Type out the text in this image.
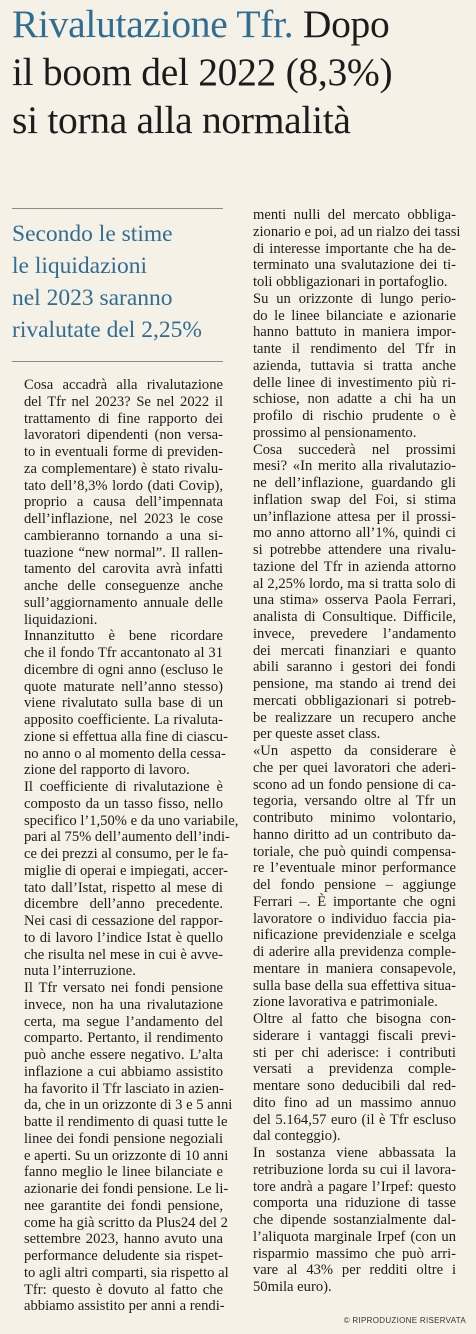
Rivalutazione Tfr. Dopo
il boom del 2022 (8,3%)
si torna alla normalità
Secondo le stime
le liquidazioni
nel 2023 saranno
rivalutate del 2,25%

Cosa accadrà alla rivalutazione
del Tfr nel 2023? Se nel 2022 il
trattamento di fine rapporto dei
lavoratori dipendenti (non versa-
to in eventuali forme di previden-
za complementare) è stato rivalu-
tato dell’8,3% lordo (dati Covip),
proprio a causa dell’impennata
dell’inflazione, nel 2023 le cose
cambieranno tornando a una si-
tuazione “new normal”. Il rallen-
tamento del carovita avrà infatti
anche delle conseguenze anche
sull’aggiornamento annuale delle
liquidazioni.

Innanzitutto è bene ricordare
che il fondo Tfr accantonato al 31
dicembre di ogni anno (escluso le
quote maturate nell’anno stesso)
viene rivalutato sulla base di un
apposito coefficiente. La rivaluta-
zione si effettua alla fine di ciascu-
no anno o al momento della cessa-
zione del rapporto di lavoro.

Il coefficiente di rivalutazione è
composto da un tasso fisso, nello
specifico l’1,50% e da uno variabile,
pari al 75% dell’aumento dell’indi-
ce dei prezzi al consumo, per le fa-
miglie di operai e impiegati, accer-
tato dall’Istat, rispetto al mese di
dicembre dell’anno precedente.
Nei casi di cessazione del rappor-
to di lavoro l’indice Istat è quello
che risulta nel mese in cui è avve-
nuta l’interruzione.

Il Tfr versato nei fondi pensione
invece, non ha una rivalutazione
certa, ma segue l’andamento del
comparto. Pertanto, il rendimento
può anche essere negativo. L’alta
inflazione a cui abbiamo assistito
ha favorito il Tfr lasciato in azien-
da, che in un orizzonte di 3 e 5 anni
batte il rendimento di quasi tutte le
linee dei fondi pensione negoziali
e aperti. Su un orizzonte di 10 anni
fanno meglio le linee bilanciate e
azionarie dei fondi pensione. Le li-
nee garantite dei fondi pensione,
come ha già scritto da Plus24 del 2
settembre 2023, hanno avuto una
performance deludente sia rispet-
to agli altri comparti, sia rispetto al
Tfr: questo è dovuto al fatto che
abbiamo assistito per anni a rendi-

menti nulli del mercato obbliga-
zionario e poi, ad un rialzo dei tassi
di interesse importante che ha de-
terminato una svalutazione dei ti-
toli obbligazionari in portafoglio.

Su un orizzonte di lungo perio-
do le linee bilanciate e azionarie
hanno battuto in maniera impor-
tante il rendimento del Tfr in
azienda, tuttavia si tratta anche
delle linee di investimento più ri-
schiose, non adatte a chi ha un
profilo di rischio prudente o è
prossimo al pensionamento.

Cosa succederà nel prossimi
mesi? «In merito alla rivalutazio-
ne dell’inflazione, guardando gli
inflation swap del Foi, si stima
un’inflazione attesa per il prossi-
mo anno attorno all’1%, quindi ci
si potrebbe attendere una rivalu-
tazione del Tfr in azienda attorno
al 2,25% lordo, ma si tratta solo di
una stima» osserva Paola Ferrari,
analista di Consultique. Difficile,
invece, prevedere l’andamento
dei mercati finanziari e quanto
abili saranno i gestori dei fondi
pensione, ma stando ai trend dei
mercati obbligazionari si potreb-
be realizzare un recupero anche
per queste asset class.

«Un aspetto da considerare è
che per quei lavoratori che aderi-
scono ad un fondo pensione di ca-
tegoria, versando oltre al Tfr un
contributo minimo volontario,
hanno diritto ad un contributo da-
toriale, che può quindi compensa-
re l’eventuale minor performance
del fondo pensione – aggiunge
Ferrari –. È importante che ogni
lavoratore o individuo faccia pia-
nificazione previdenziale e scelga
di aderire alla previdenza comple-
mentare in maniera consapevole,
sulla base della sua effettiva situa-
zione lavorativa e patrimoniale.

Oltre al fatto che bisogna con-
siderare i vantaggi fiscali previ-
sti per chi aderisce: i contributi
versati a previdenza comple-
mentare sono deducibili dal red-
dito fino ad un massimo annuo
del 5.164,57 euro (il è Tfr escluso
dal conteggio).

In sostanza viene abbassata la
retribuzione lorda su cui il lavora-
tore andrà a pagare l’Irpef: questo
comporta una riduzione di tasse
che dipende sostanzialmente dal-
l’aliquota marginale Irpef (con un
risparmio massimo che può arri-
vare al 43% per redditi oltre i
50mila euro).

© RIPRODUZIONE RISERVATA
